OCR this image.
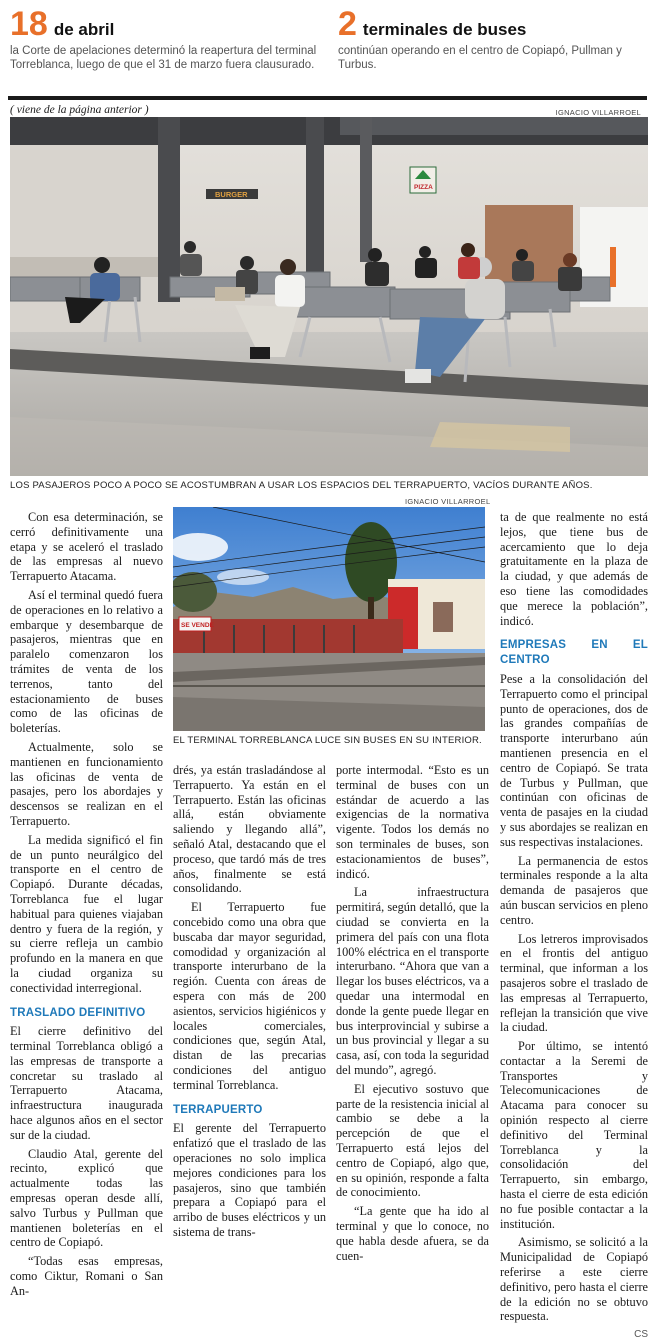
18 de abril
la Corte de apelaciones determinó la reapertura del terminal Torreblanca, luego de que el 31 de marzo fuera clausurado.
2 terminales de buses
continúan operando en el centro de Copiapó, Pullman y Turbus.
( viene de la página anterior )	IGNACIO VILLARROEL
BURGER
PIZZA
LOS PASAJEROS POCO A POCO SE ACOSTUMBRAN A USAR LOS ESPACIOS DEL TERRAPUERTO, VACÍOS DURANTE AÑOS.
IGNACIO VILLARROEL
SE VENDE
EL TERMINAL TORREBLANCA LUCE SIN BUSES EN SU INTERIOR.

Con esa determinación, se cerró definitivamente una etapa y se aceleró el traslado de las empresas al nuevo Terrapuerto Atacama.

Así el terminal quedó fuera de operaciones en lo relativo a embarque y desembarque de pasajeros, mientras que en paralelo comenzaron los trámites de venta de los terrenos, tanto del estacionamiento de buses como de las oficinas de boleterías.

Actualmente, solo se mantienen en funcionamiento las oficinas de venta de pasajes, pero los abordajes y descensos se realizan en el Terrapuerto.

La medida significó el fin de un punto neurálgico del transporte en el centro de Copiapó. Durante décadas, Torreblanca fue el lugar habitual para quienes viajaban dentro y fuera de la región, y su cierre refleja un cambio profundo en la manera en que la ciudad organiza su conectividad interregional.

TRASLADO DEFINITIVO

El cierre definitivo del terminal Torreblanca obligó a las empresas de transporte a concretar su traslado al Terrapuerto Atacama, infraestructura inaugurada hace algunos años en el sector sur de la ciudad.

Claudio Atal, gerente del recinto, explicó que actualmente todas las empresas operan desde allí, salvo Turbus y Pullman que mantienen boleterías en el centro de Copiapó.

“Todas esas empresas, como Ciktur, Romani o San An-

drés, ya están trasladándose al Terrapuerto. Ya están en el Terrapuerto. Están las oficinas allá, están obviamente saliendo y llegando allá”, señaló Atal, destacando que el proceso, que tardó más de tres años, finalmente se está consolidando.

El Terrapuerto fue concebido como una obra que buscaba dar mayor seguridad, comodidad y organización al transporte interurbano de la región. Cuenta con áreas de espera con más de 200 asientos, servicios higiénicos y locales comerciales, condiciones que, según Atal, distan de las precarias condiciones del antiguo terminal Torreblanca.

TERRAPUERTO

El gerente del Terrapuerto enfatizó que el traslado de las operaciones no solo implica mejores condiciones para los pasajeros, sino que también prepara a Copiapó para el arribo de buses eléctricos y un sistema de trans-

porte intermodal. “Esto es un terminal de buses con un estándar de acuerdo a las exigencias de la normativa vigente. Todos los demás no son terminales de buses, son estacionamientos de buses”, indicó.

La infraestructura permitirá, según detalló, que la ciudad se convierta en la primera del país con una flota 100% eléctrica en el transporte interurbano. “Ahora que van a llegar los buses eléctricos, va a quedar una intermodal en donde la gente puede llegar en bus interprovincial y subirse a un bus provincial y llegar a su casa, así, con toda la seguridad del mundo”, agregó.

El ejecutivo sostuvo que parte de la resistencia inicial al cambio se debe a la percepción de que el Terrapuerto está lejos del centro de Copiapó, algo que, en su opinión, responde a falta de conocimiento.

“La gente que ha ido al terminal y que lo conoce, no que habla desde afuera, se da cuen-

ta de que realmente no está lejos, que tiene bus de acercamiento que lo deja gratuitamente en la plaza de la ciudad, y que además de eso tiene las comodidades que merece la población”, indicó.

EMPRESAS EN EL CENTRO

Pese a la consolidación del Terrapuerto como el principal punto de operaciones, dos de las grandes compañías de transporte interurbano aún mantienen presencia en el centro de Copiapó. Se trata de Turbus y Pullman, que continúan con oficinas de venta de pasajes en la ciudad y sus abordajes se realizan en sus respectivas instalaciones.

La permanencia de estos terminales responde a la alta demanda de pasajeros que aún buscan servicios en pleno centro.

Los letreros improvisados en el frontis del antiguo terminal, que informan a los pasajeros sobre el traslado de las empresas al Terrapuerto, reflejan la transición que vive la ciudad.

Por último, se intentó contactar a la Seremi de Transportes y Telecomunicaciones de Atacama para conocer su opinión respecto al cierre definitivo del Terminal Torreblanca y la consolidación del Terrapuerto, sin embargo, hasta el cierre de esta edición no fue posible contactar a la institución.

Asimismo, se solicitó a la Municipalidad de Copiapó referirse a este cierre definitivo, pero hasta el cierre de la edición no se obtuvo respuesta.

CS
